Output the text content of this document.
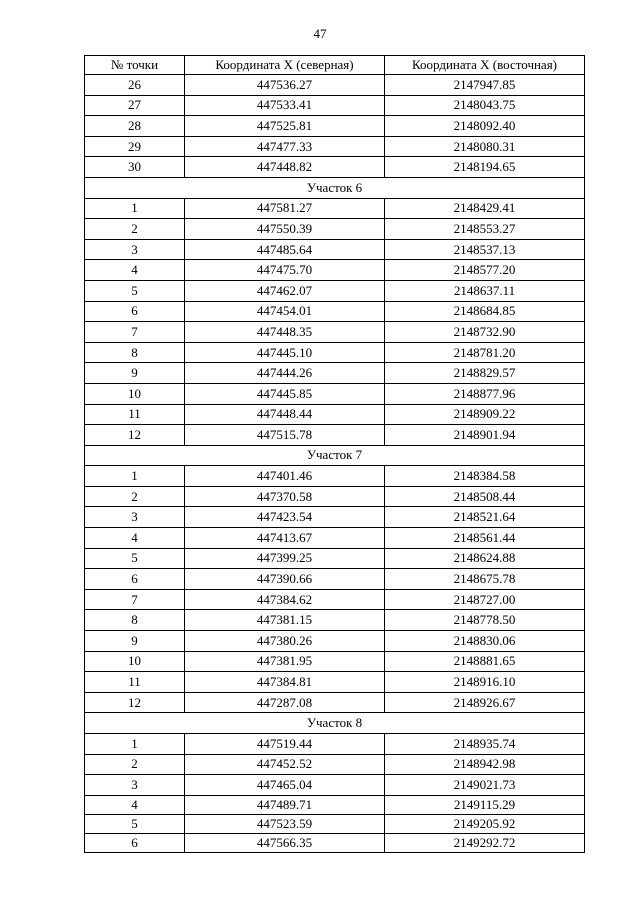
47
№ точки	Координата X (северная)	Координата X (восточная)
26	447536.27	2147947.85
27	447533.41	2148043.75
28	447525.81	2148092.40
29	447477.33	2148080.31
30	447448.82	2148194.65
Участок 6		
1	447581.27	2148429.41
2	447550.39	2148553.27
3	447485.64	2148537.13
4	447475.70	2148577.20
5	447462.07	2148637.11
6	447454.01	2148684.85
7	447448.35	2148732.90
8	447445.10	2148781.20
9	447444.26	2148829.57
10	447445.85	2148877.96
11	447448.44	2148909.22
12	447515.78	2148901.94
Участок 7		
1	447401.46	2148384.58
2	447370.58	2148508.44
3	447423.54	2148521.64
4	447413.67	2148561.44
5	447399.25	2148624.88
6	447390.66	2148675.78
7	447384.62	2148727.00
8	447381.15	2148778.50
9	447380.26	2148830.06
10	447381.95	2148881.65
11	447384.81	2148916.10
12	447287.08	2148926.67
Участок 8		
1	447519.44	2148935.74
2	447452.52	2148942.98
3	447465.04	2149021.73
4	447489.71	2149115.29
5	447523.59	2149205.92
6	447566.35	2149292.72
